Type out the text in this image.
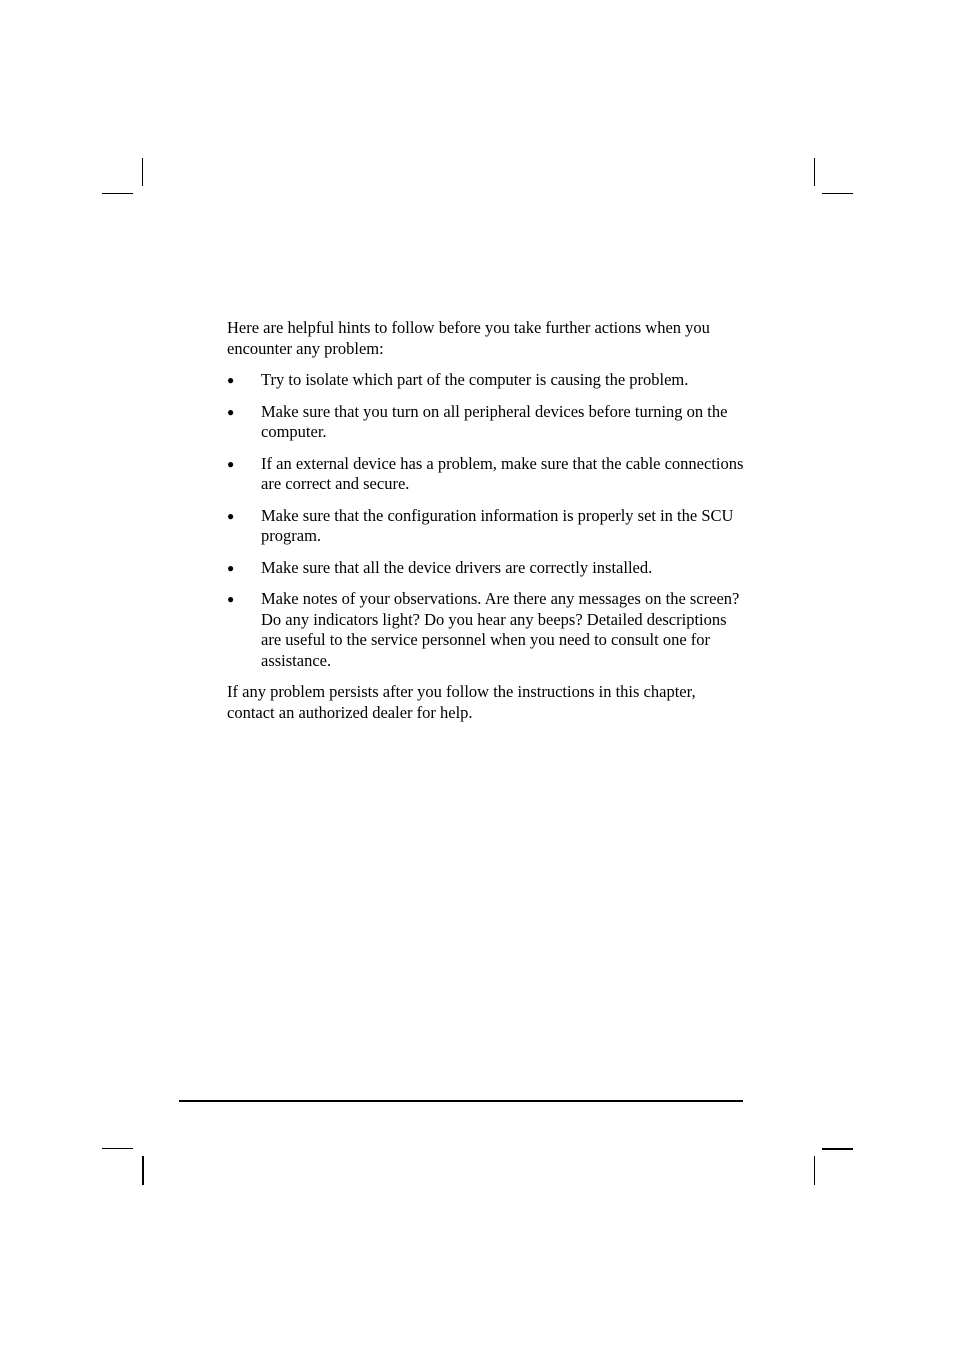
Here are helpful hints to follow before you take further actions when you encounter any problem:

● Try to isolate which part of the computer is causing the problem.
● Make sure that you turn on all peripheral devices before turning on the computer.
● If an external device has a problem, make sure that the cable connections are correct and secure.
● Make sure that the configuration information is properly set in the SCU program.
● Make sure that all the device drivers are correctly installed.
● Make notes of your observations. Are there any messages on the screen? Do any indicators light? Do you hear any beeps? Detailed descriptions are useful to the service personnel when you need to consult one for assistance.

If any problem persists after you follow the instructions in this chapter, contact an authorized dealer for help.
